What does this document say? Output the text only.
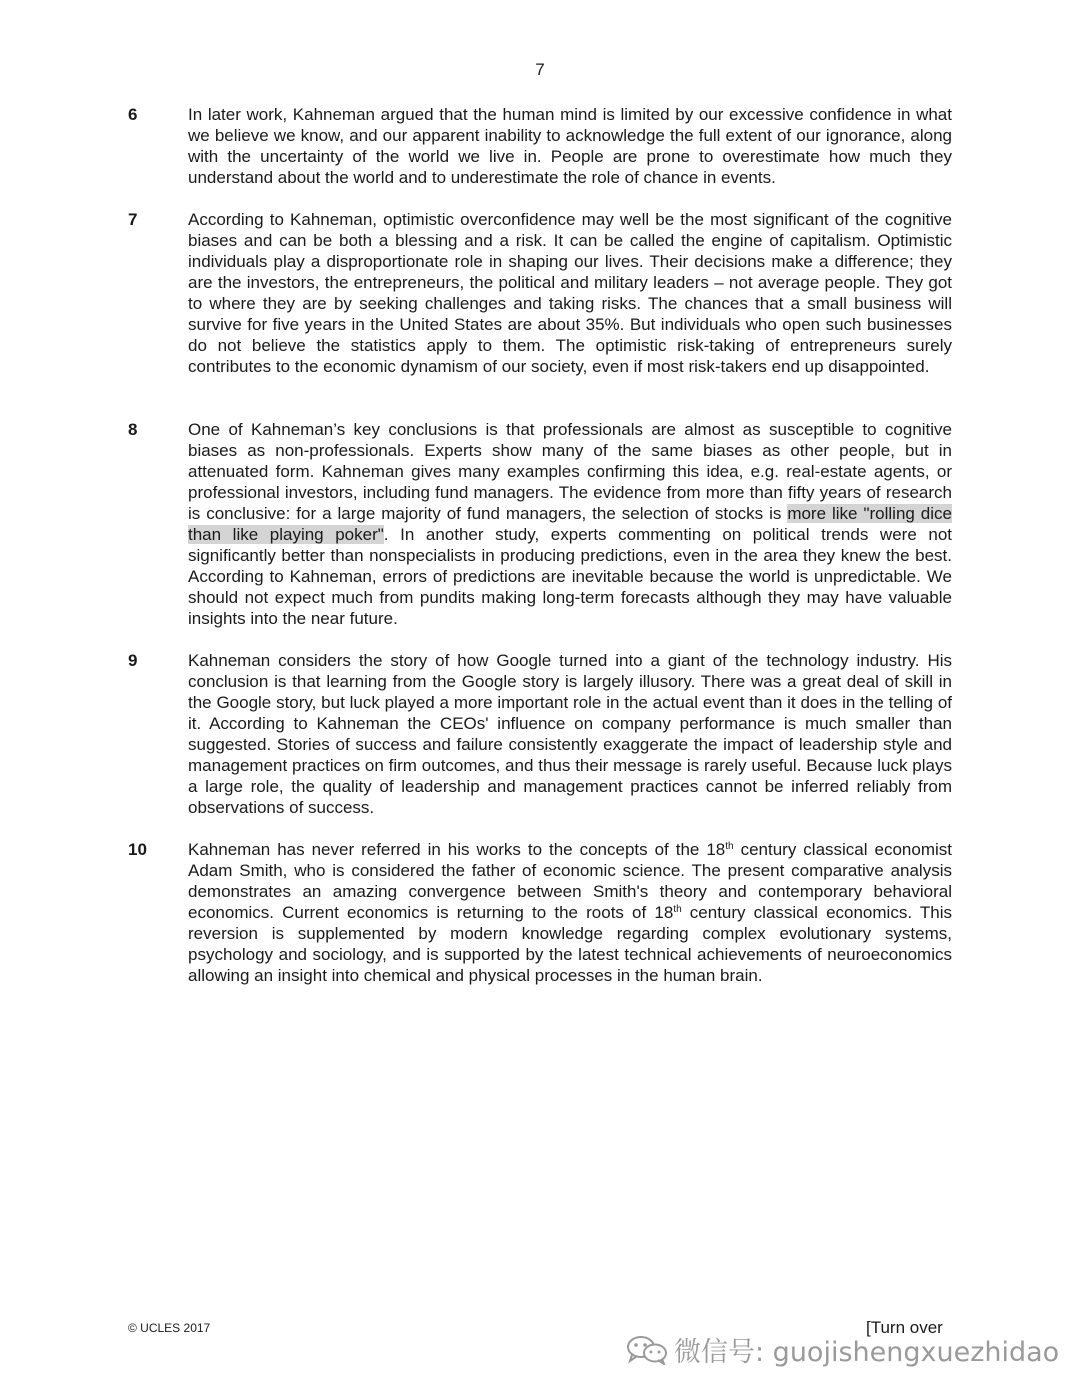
7
6	In later work, Kahneman argued that the human mind is limited by our excessive confidence in what we believe we know, and our apparent inability to acknowledge the full extent of our ignorance, along with the uncertainty of the world we live in. People are prone to overestimate how much they understand about the world and to underestimate the role of chance in events.
7	According to Kahneman, optimistic overconfidence may well be the most significant of the cognitive biases and can be both a blessing and a risk. It can be called the engine of capitalism. Optimistic individuals play a disproportionate role in shaping our lives. Their decisions make a difference; they are the investors, the entrepreneurs, the political and military leaders – not average people. They got to where they are by seeking challenges and taking risks. The chances that a small business will survive for five years in the United States are about 35%. But individuals who open such businesses do not believe the statistics apply to them. The optimistic risk-taking of entrepreneurs surely contributes to the economic dynamism of our society, even if most risk-takers end up disappointed.
8	One of Kahneman’s key conclusions is that professionals are almost as susceptible to cognitive biases as non-professionals. Experts show many of the same biases as other people, but in attenuated form. Kahneman gives many examples confirming this idea, e.g. real-estate agents, or professional investors, including fund managers. The evidence from more than fifty years of research is conclusive: for a large majority of fund managers, the selection of stocks is more like "rolling dice than like playing poker". In another study, experts commenting on political trends were not significantly better than nonspecialists in producing predictions, even in the area they knew the best. According to Kahneman, errors of predictions are inevitable because the world is unpredictable. We should not expect much from pundits making long-term forecasts although they may have valuable insights into the near future.
9	Kahneman considers the story of how Google turned into a giant of the technology industry. His conclusion is that learning from the Google story is largely illusory. There was a great deal of skill in the Google story, but luck played a more important role in the actual event than it does in the telling of it. According to Kahneman the CEOs' influence on company performance is much smaller than suggested. Stories of success and failure consistently exaggerate the impact of leadership style and management practices on firm outcomes, and thus their message is rarely useful. Because luck plays a large role, the quality of leadership and management practices cannot be inferred reliably from observations of success.
10 Kahneman has never referred in his works to the concepts of the 18th century classical economist Adam Smith, who is considered the father of economic science. The present comparative analysis demonstrates an amazing convergence between Smith's theory and contemporary behavioral economics. Current economics is returning to the roots of 18th century classical economics. This reversion is supplemented by modern knowledge regarding complex evolutionary systems, psychology and sociology, and is supported by the latest technical achievements of neuroeconomics allowing an insight into chemical and physical processes in the human brain.
© UCLES 2017	[Turn over
微信号: guojishengxuezhidao
